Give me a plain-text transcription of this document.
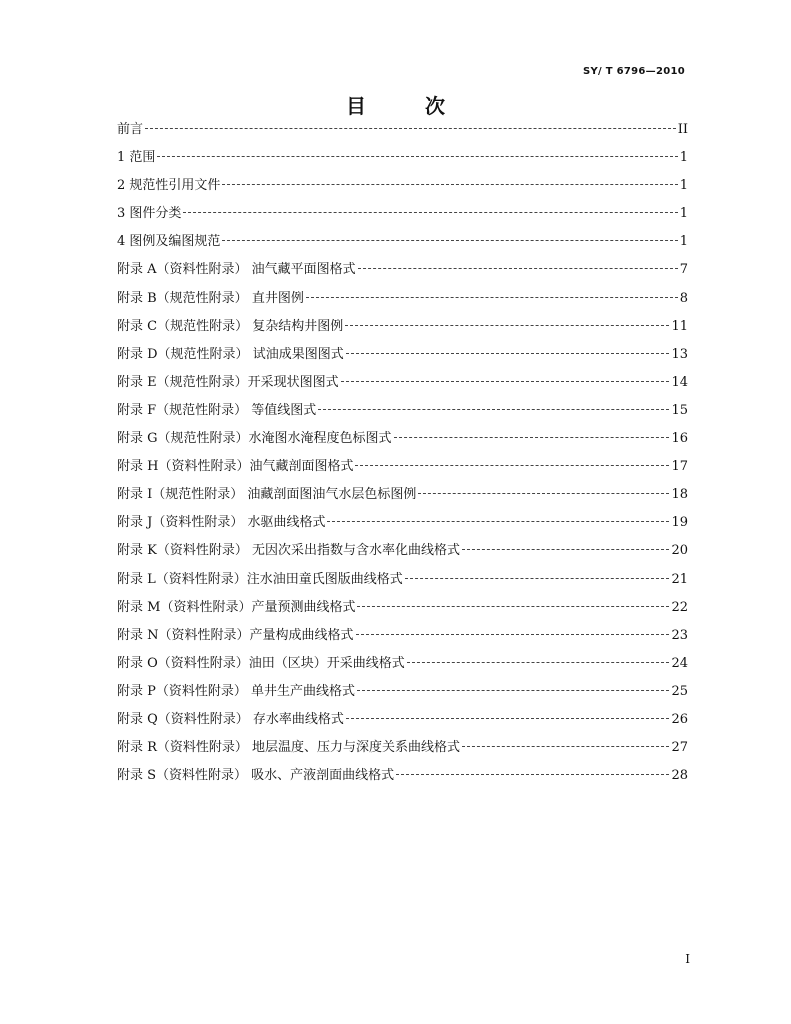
SY/ T 6796—2010
目 次
前言	II
1 范围	1
2 规范性引用文件	1
3 图件分类	1
4 图例及编图规范	1
附录 A（资料性附录） 油气藏平面图格式	7
附录 B（规范性附录） 直井图例	8
附录 C（规范性附录） 复杂结构井图例	11
附录 D（规范性附录） 试油成果图图式	13
附录 E（规范性附录）开采现状图图式	14
附录 F（规范性附录） 等值线图式	15
附录 G（规范性附录）水淹图水淹程度色标图式	16
附录 H（资料性附录）油气藏剖面图格式	17
附录 I（规范性附录） 油藏剖面图油气水层色标图例	18
附录 J（资料性附录） 水驱曲线格式	19
附录 K（资料性附录） 无因次采出指数与含水率化曲线格式	20
附录 L（资料性附录）注水油田童氏图版曲线格式	21
附录 M（资料性附录）产量预测曲线格式	22
附录 N（资料性附录）产量构成曲线格式	23
附录 O（资料性附录）油田（区块）开采曲线格式	24
附录 P（资料性附录） 单井生产曲线格式	25
附录 Q（资料性附录） 存水率曲线格式	26
附录 R（资料性附录） 地层温度、压力与深度关系曲线格式	27
附录 S（资料性附录） 吸水、产液剖面曲线格式	28
I
